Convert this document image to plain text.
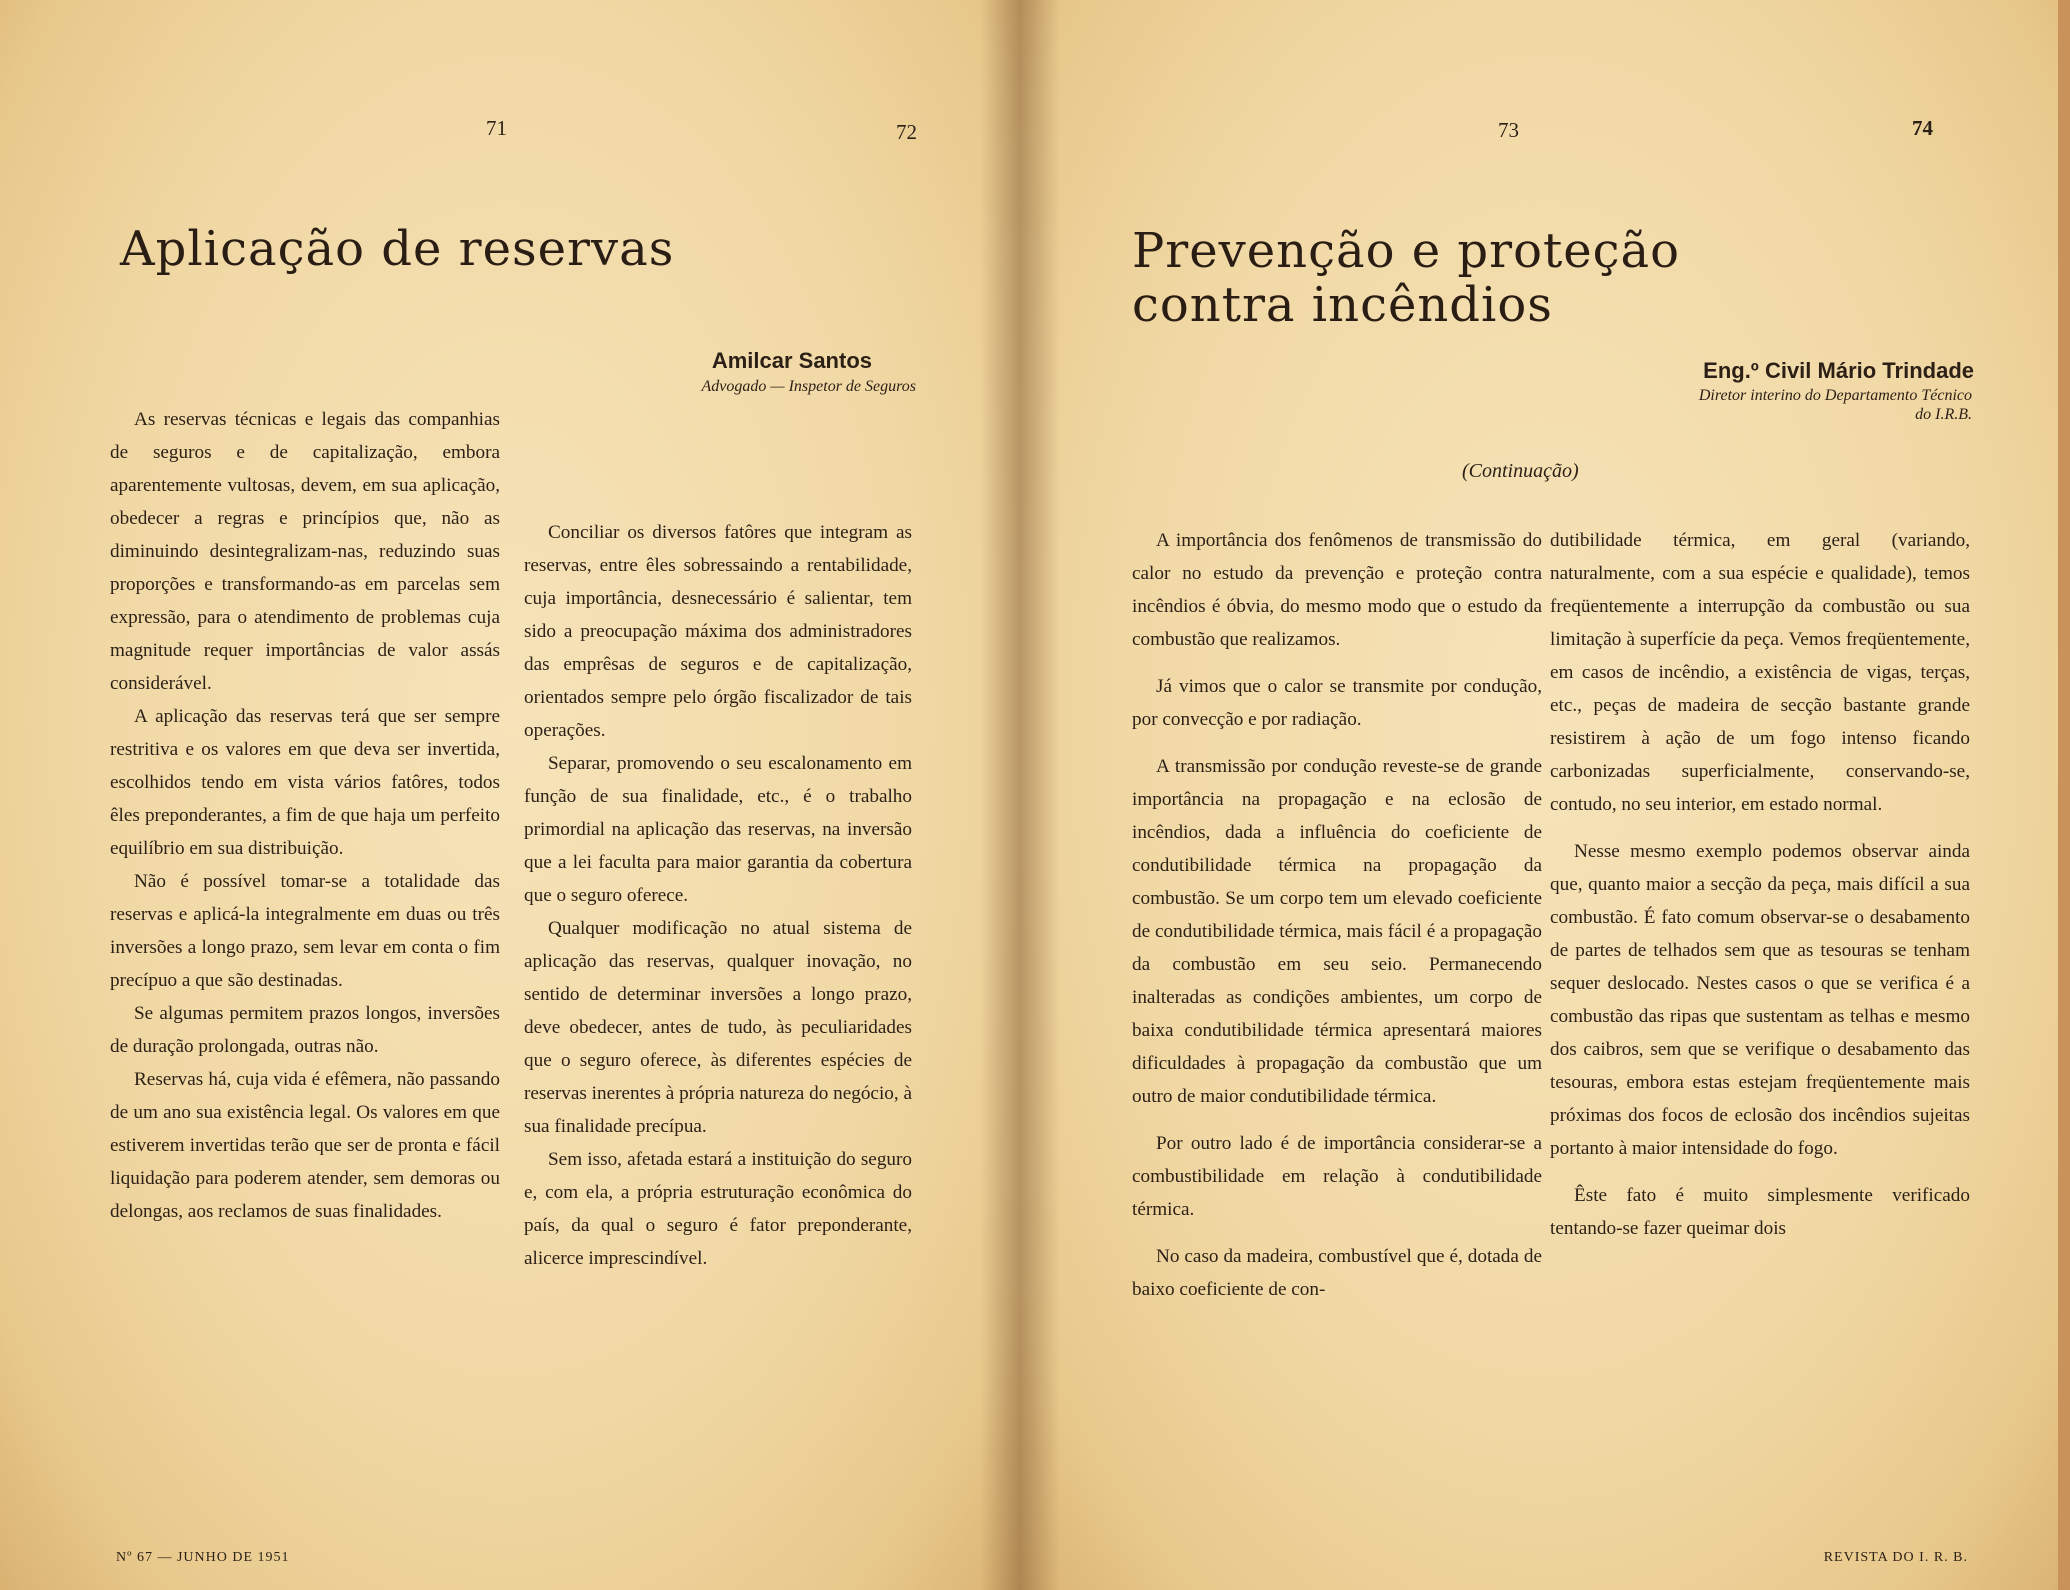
71	72
Aplicação de reservas
Amilcar Santos
Advogado — Inspetor de Seguros

As reservas técnicas e legais das companhias de seguros e de capitalização, embora aparentemente vultosas, devem, em sua aplicação, obedecer a regras e princípios que, não as diminuindo desintegralizam-nas, reduzindo suas proporções e transformando-as em parcelas sem expressão, para o atendimento de problemas cuja magnitude requer importâncias de valor assás considerável.

A aplicação das reservas terá que ser sempre restritiva e os valores em que deva ser invertida, escolhidos tendo em vista vários fatôres, todos êles preponderantes, a fim de que haja um perfeito equilíbrio em sua distribuição.

Não é possível tomar-se a totalidade das reservas e aplicá-la integralmente em duas ou três inversões a longo prazo, sem levar em conta o fim precípuo a que são destinadas.

Se algumas permitem prazos longos, inversões de duração prolongada, outras não.

Reservas há, cuja vida é efêmera, não passando de um ano sua existência legal. Os valores em que estiverem invertidas terão que ser de pronta e fácil liquidação para poderem atender, sem demoras ou delongas, aos reclamos de suas finalidades.

Conciliar os diversos fatôres que integram as reservas, entre êles sobressaindo a rentabilidade, cuja importância, desnecessário é salientar, tem sido a preocupação máxima dos administradores das emprêsas de seguros e de capitalização, orientados sempre pelo órgão fiscalizador de tais operações.

Separar, promovendo o seu escalonamento em função de sua finalidade, etc., é o trabalho primordial na aplicação das reservas, na inversão que a lei faculta para maior garantia da cobertura que o seguro oferece.

Qualquer modificação no atual sistema de aplicação das reservas, qualquer inovação, no sentido de determinar inversões a longo prazo, deve obedecer, antes de tudo, às peculiaridades que o seguro oferece, às diferentes espécies de reservas inerentes à própria natureza do negócio, à sua finalidade precípua.

Sem isso, afetada estará a instituição do seguro e, com ela, a própria estruturação econômica do país, da qual o seguro é fator preponderante, alicerce imprescindível.

Nº 67 — JUNHO DE 1951
73	74
Prevenção e proteção
contra incêndios
Eng.º Civil Mário Trindade
Diretor interino do Departamento Técnico
do I.R.B.
(Continuação)

A importância dos fenômenos de transmissão do calor no estudo da prevenção e proteção contra incêndios é óbvia, do mesmo modo que o estudo da combustão que realizamos.

Já vimos que o calor se transmite por condução, por convecção e por radiação.

A transmissão por condução reveste-se de grande importância na propagação e na eclosão de incêndios, dada a influência do coeficiente de condutibilidade térmica na propagação da combustão. Se um corpo tem um elevado coeficiente de condutibilidade térmica, mais fácil é a propagação da combustão em seu seio. Permanecendo inalteradas as condições ambientes, um corpo de baixa condutibilidade térmica apresentará maiores dificuldades à propagação da combustão que um outro de maior condutibilidade térmica.

Por outro lado é de importância considerar-se a combustibilidade em relação à condutibilidade térmica.

No caso da madeira, combustível que é, dotada de baixo coeficiente de con-

dutibilidade térmica, em geral (variando, naturalmente, com a sua espécie e qualidade), temos freqüentemente a interrupção da combustão ou sua limitação à superfície da peça. Vemos freqüentemente, em casos de incêndio, a existência de vigas, terças, etc., peças de madeira de secção bastante grande resistirem à ação de um fogo intenso ficando carbonizadas superficialmente, conservando-se, contudo, no seu interior, em estado normal.

Nesse mesmo exemplo podemos observar ainda que, quanto maior a secção da peça, mais difícil a sua combustão. É fato comum observar-se o desabamento de partes de telhados sem que as tesouras se tenham sequer deslocado. Nestes casos o que se verifica é a combustão das ripas que sustentam as telhas e mesmo dos caibros, sem que se verifique o desabamento das tesouras, embora estas estejam freqüentemente mais próximas dos focos de eclosão dos incêndios sujeitas portanto à maior intensidade do fogo.

Êste fato é muito simplesmente verificado tentando-se fazer queimar dois

REVISTA DO I. R. B.
